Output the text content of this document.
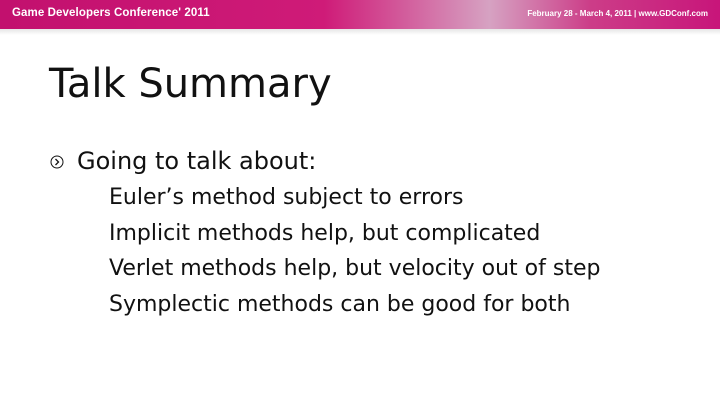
Game Developers Conference' 2011	February 28 - March 4, 2011 | www.GDConf.com
Talk Summary
Going to talk about:
Euler’s method subject to errors
Implicit methods help, but complicated
Verlet methods help, but velocity out of step
Symplectic methods can be good for both
